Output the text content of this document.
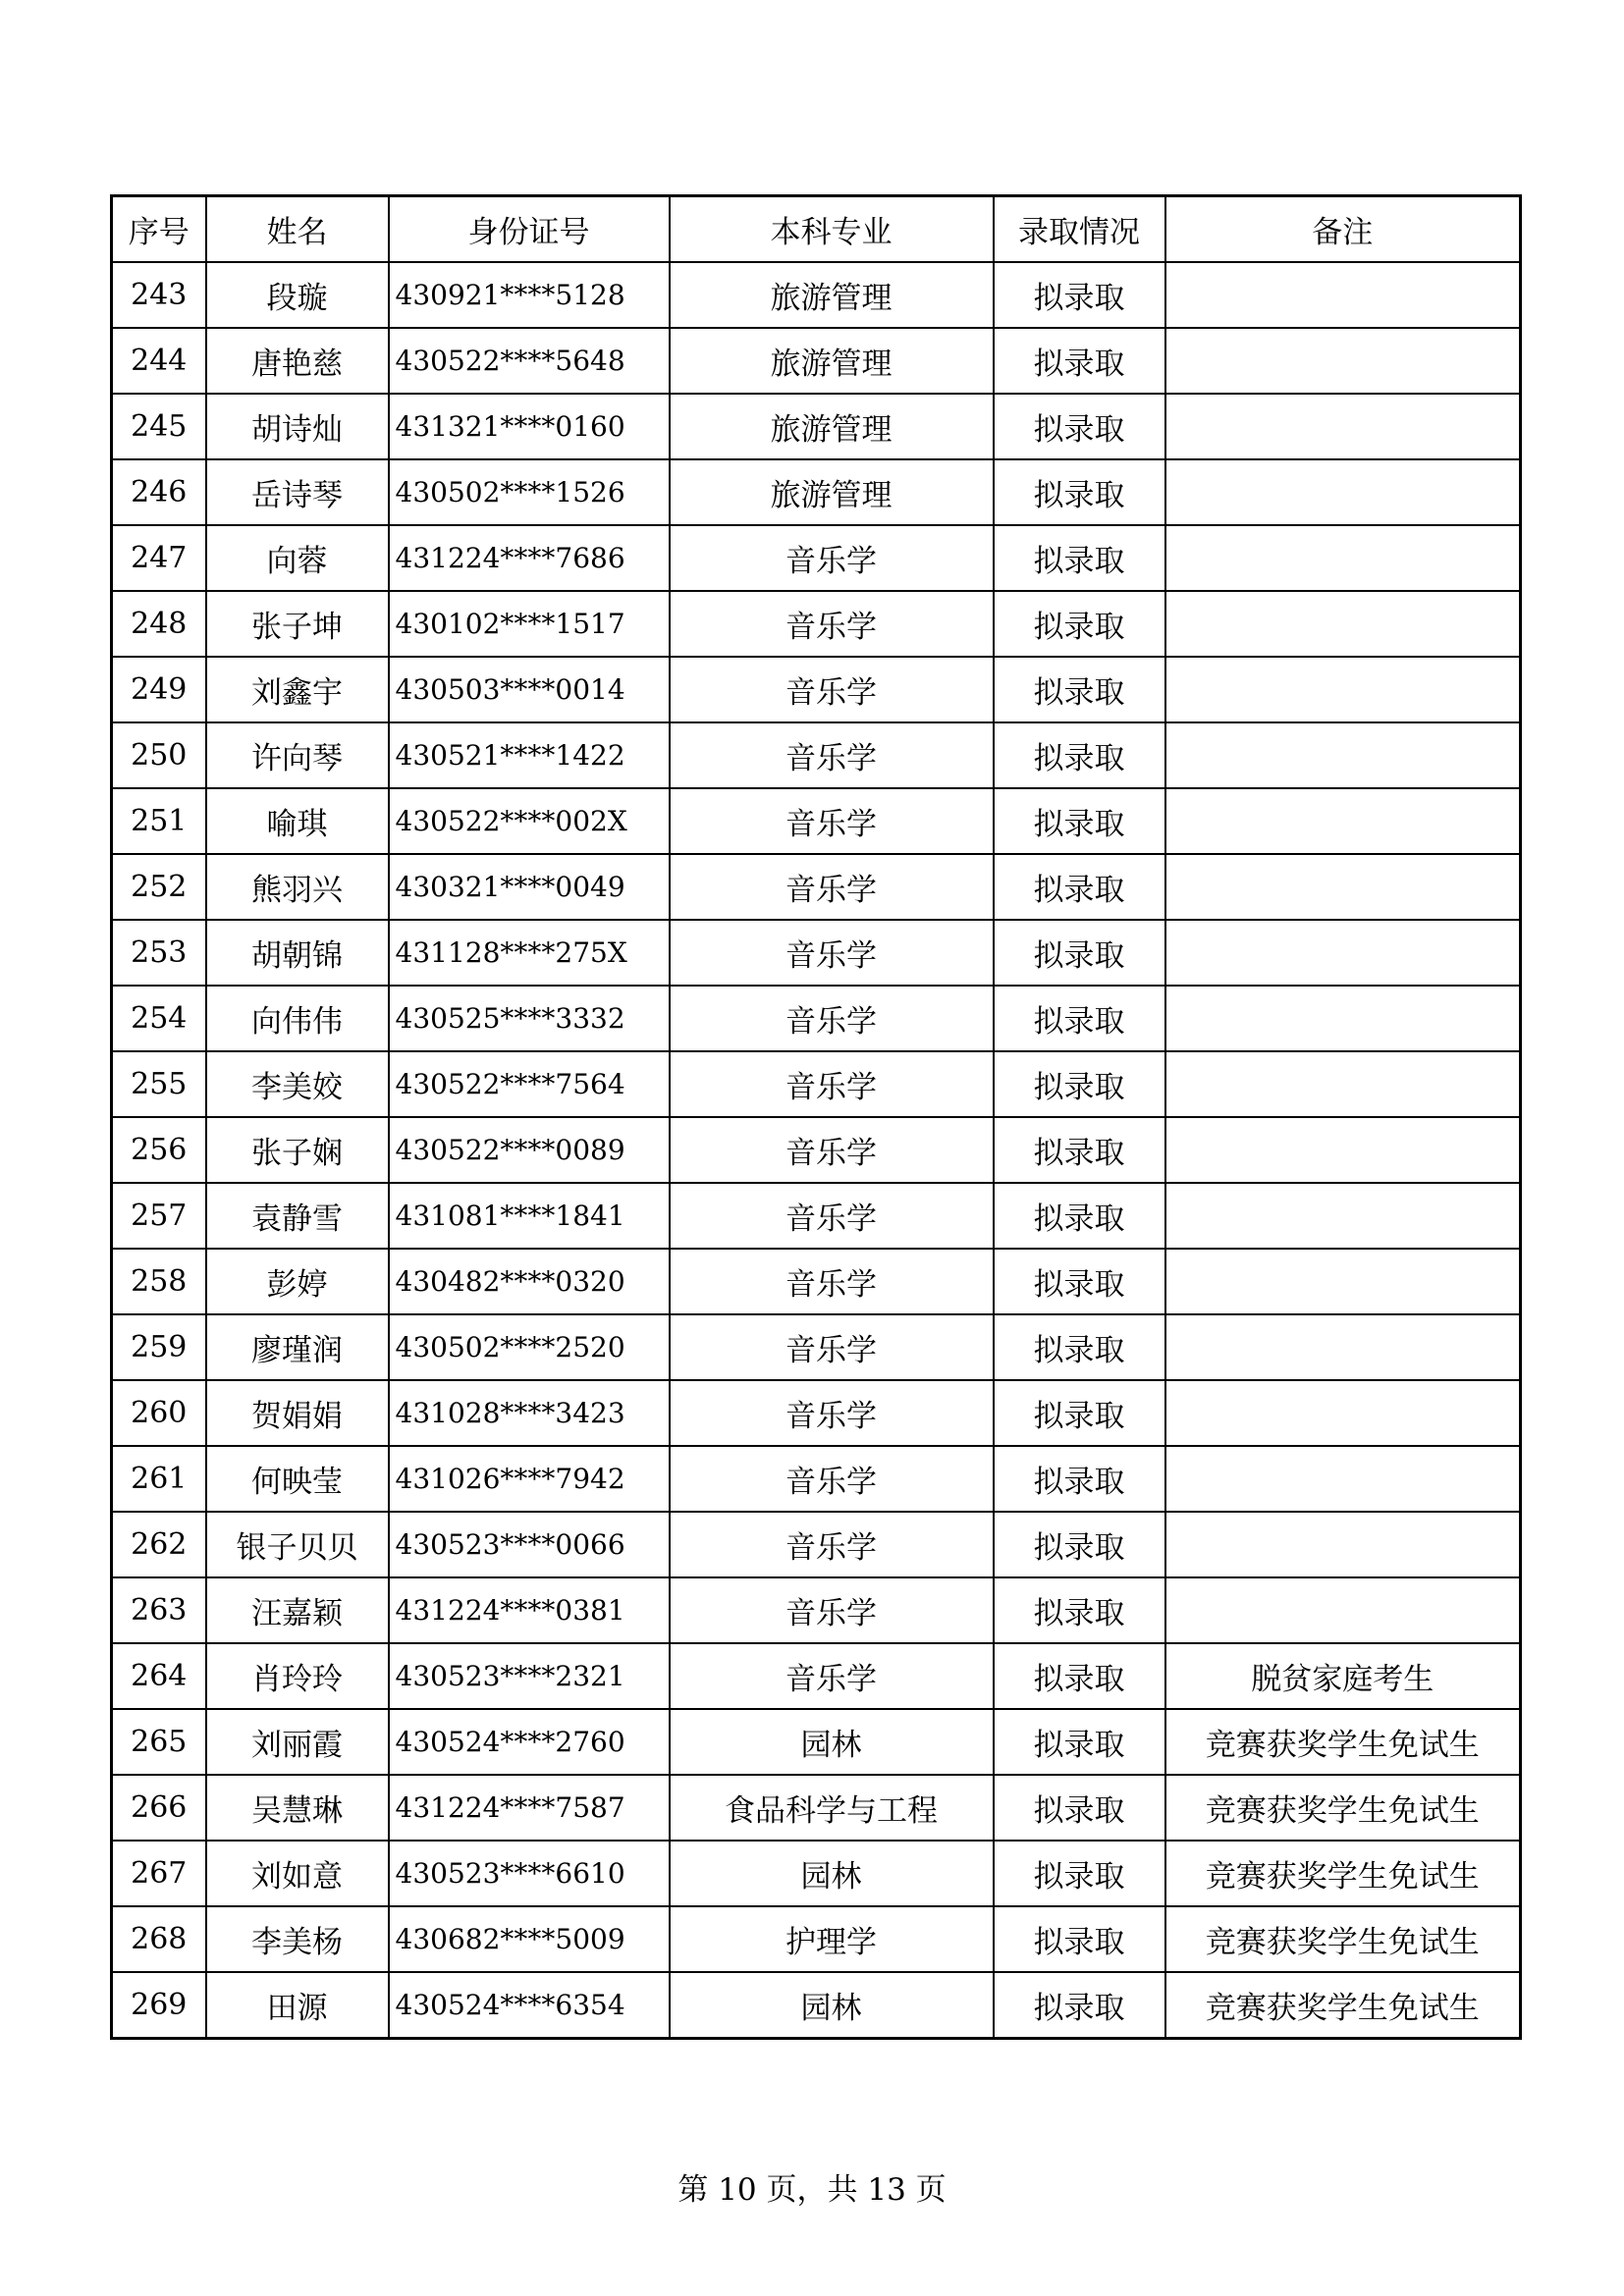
序号	姓名	身份证号	本科专业	录取情况	备注
243	段璇	430921****5128	旅游管理	拟录取	
244	唐艳慈	430522****5648	旅游管理	拟录取	
245	胡诗灿	431321****0160	旅游管理	拟录取	
246	岳诗琴	430502****1526	旅游管理	拟录取	
247	向蓉	431224****7686	音乐学	拟录取	
248	张子坤	430102****1517	音乐学	拟录取	
249	刘鑫宇	430503****0014	音乐学	拟录取	
250	许向琴	430521****1422	音乐学	拟录取	
251	喻琪	430522****002X	音乐学	拟录取	
252	熊羽兴	430321****0049	音乐学	拟录取	
253	胡朝锦	431128****275X	音乐学	拟录取	
254	向伟伟	430525****3332	音乐学	拟录取	
255	李美姣	430522****7564	音乐学	拟录取	
256	张子娴	430522****0089	音乐学	拟录取	
257	袁静雪	431081****1841	音乐学	拟录取	
258	彭婷	430482****0320	音乐学	拟录取	
259	廖瑾润	430502****2520	音乐学	拟录取	
260	贺娟娟	431028****3423	音乐学	拟录取	
261	何映莹	431026****7942	音乐学	拟录取	
262	银子贝贝	430523****0066	音乐学	拟录取	
263	汪嘉颖	431224****0381	音乐学	拟录取	
264	肖玲玲	430523****2321	音乐学	拟录取	脱贫家庭考生
265	刘丽霞	430524****2760	园林	拟录取	竞赛获奖学生免试生
266	吴慧琳	431224****7587	食品科学与工程	拟录取	竞赛获奖学生免试生
267	刘如意	430523****6610	园林	拟录取	竞赛获奖学生免试生
268	李美杨	430682****5009	护理学	拟录取	竞赛获奖学生免试生
269	田源	430524****6354	园林	拟录取	竞赛获奖学生免试生
第 10 页，共 13 页
